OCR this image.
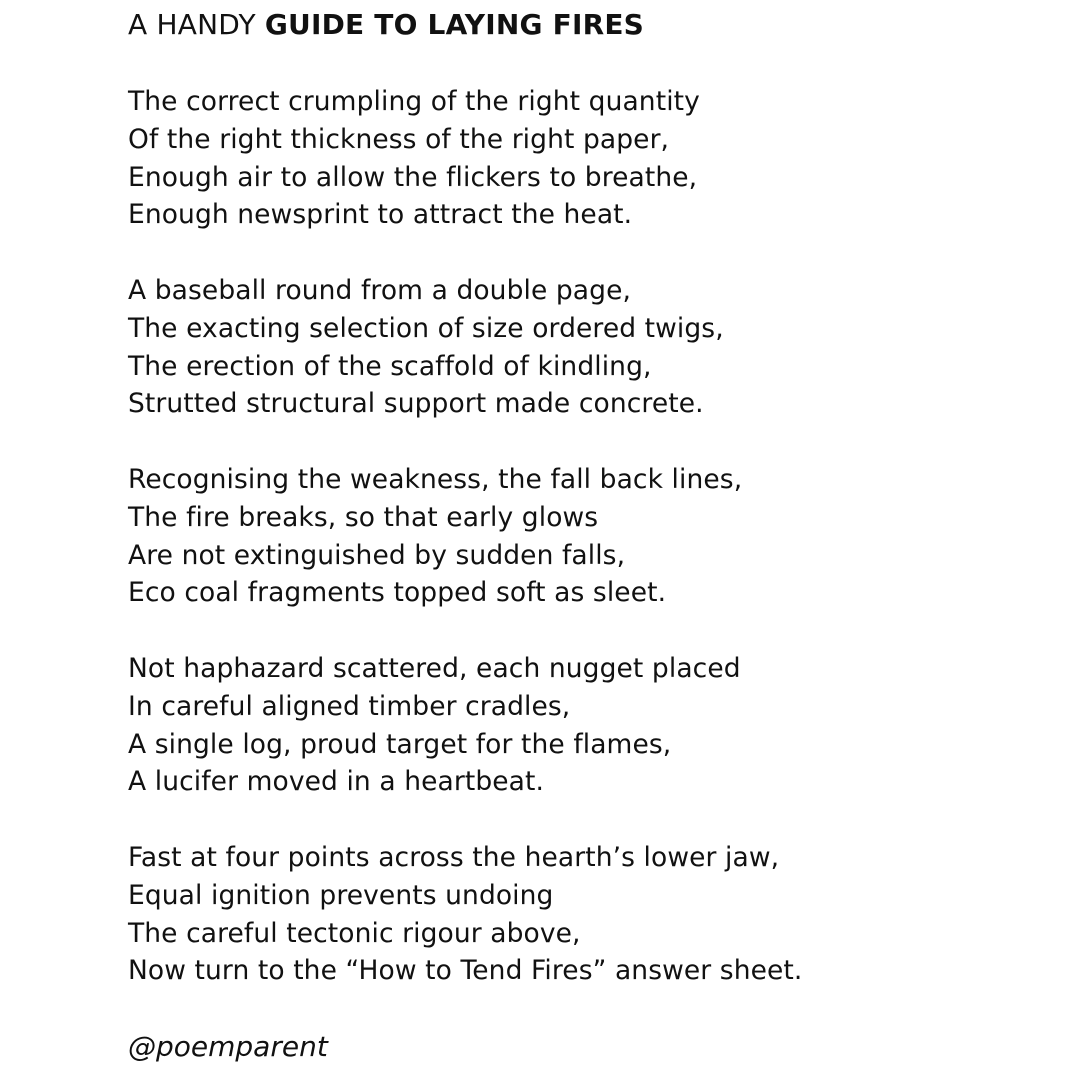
A HANDY GUIDE TO LAYING FIRES
The correct crumpling of the right quantity
Of the right thickness of the right paper,
Enough air to allow the flickers to breathe,
Enough newsprint to attract the heat.
A baseball round from a double page,
The exacting selection of size ordered twigs,
The erection of the scaffold of kindling,
Strutted structural support made concrete.
Recognising the weakness, the fall back lines,
The fire breaks, so that early glows
Are not extinguished by sudden falls,
Eco coal fragments topped soft as sleet.
Not haphazard scattered, each nugget placed
In careful aligned timber cradles,
A single log, proud target for the flames,
A lucifer moved in a heartbeat.
Fast at four points across the hearth’s lower jaw,
Equal ignition prevents undoing
The careful tectonic rigour above,
Now turn to the “How to Tend Fires” answer sheet.
@poemparent
